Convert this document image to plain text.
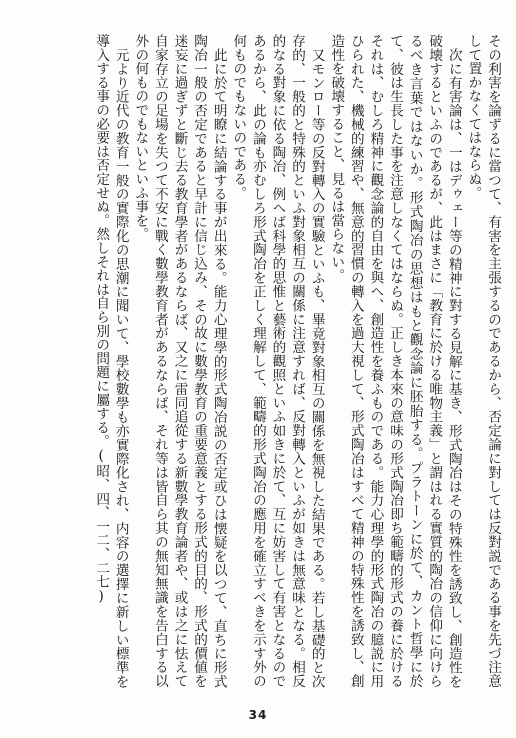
その利害を論ずるに當つて、有害を主張するのであるから、否定論に對しては反對説である事を先づ注意して置かなくてはならぬ。

次に有害論は、一はデゥェー等の精神に對する見解に基き、形式陶冶はその特殊性を誘致し、創造性を破壊するといふのであるが、此はまさに「教育に於ける唯物主義」と謂はれる實質的陶冶の信仰に向けらるべき言葉ではないか。形式陶冶の思想はもと觀念論に胚胎する。プラトーンに於て、カント哲學に於て、彼は生長した事を注意しなくてはならぬ。正しき本來の意味の形式陶冶即ち範疇的形式の養に於けるそれは、むしろ精神に觀念論的自由を與へ、創造性を養ふものである。能力心理學的形式陶冶の臆説に用ひられた、機械的練習や、無意的習慣の轉入を過大視して、形式陶冶はすべて精神の特殊性を誘致し、創造性を破壊すること、見るは當らない。

又モンロー等の反對轉入の實驗といふも、畢竟對象相互の關係を無視した結果である。若し基礎的と次存的、一般的と特殊的といふ對象相互の關係に注意すれば、反對轉入といふが如きは無意味となる。相反的なる對象に依る陶冶、例へば科學的思惟と藝術的觀照といふ如きに於て、互に妨害して有害となるのであるから、此の論も亦むしろ形式陶冶を正しく理解して、範疇的形式陶冶の應用を確立すべきを示す外の何ものでもないのである。

此に於て明瞭に結論する事が出來る。能力心理學的形式陶冶説の否定或ひは懐疑を以つて、直ちに形式陶冶一般の否定であると早計に信じ込み、その故に數學教育の重要意義とする形式的目的、形式的價値を迷妄に過ぎずと斷じ去る教育學者があるならば、又之に雷同追從する新數學教育論者や、或は之に怯えて自家存立の足場を失つて不安に戰く數學教育者があるならば、それ等は皆自ら其の無知無識を告白する以外の何ものでもないといふ事を。

元より近代の教育一般の實際化の思潮に聞いて、學校數學も亦實際化され、内容の選擇に新しい標準を導入する事の必要は否定せぬ。然しそれは自ら別の問題に屬する。(昭、四、一二、二七)

34
